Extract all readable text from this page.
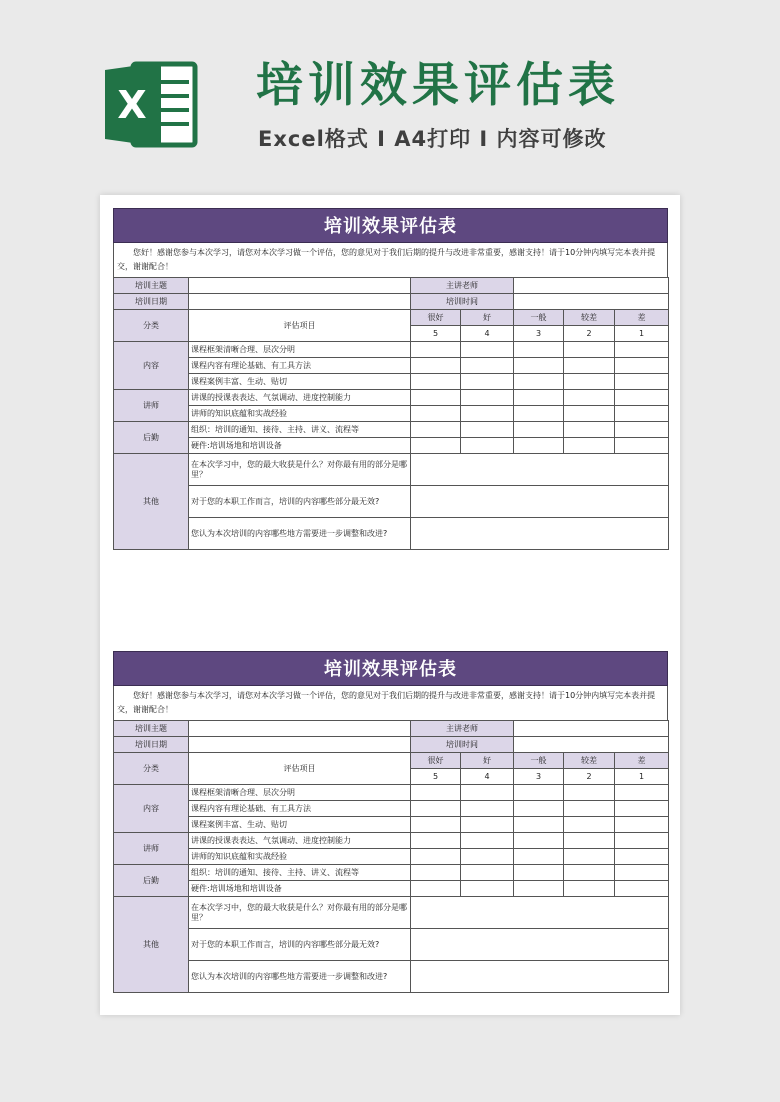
X 培训效果评估表
Excel格式 I A4打印 I 内容可修改
培训效果评估表
您好！感谢您参与本次学习，请您对本次学习做一个评估，您的意见对于我们后期的提升与改进非常重要，感谢支持！请于10分钟内填写完本表并提交，谢谢配合！
培训主题		主讲老师				
培训日期		培训时间				
分类	评估项目	很好	好	一般	较差	差
		5	4	3	2	1
内容	课程框架清晰合理、层次分明					
	课程内容有理论基础、有工具方法					
	课程案例丰富、生动、贴切					
讲师	讲课的授课表表达、气氛调动、进度控制能力					
	讲师的知识底蕴和实战经验					
后勤	组织：培训的通知、接待、主持、讲义、流程等					
	硬件:培训场地和培训设备					
其他	在本次学习中，您的最大收获是什么？对你最有用的部分是哪里？					
	对于您的本职工作而言，培训的内容哪些部分最无效?					
	您认为本次培训的内容哪些地方需要进一步调整和改进?					
培训效果评估表
您好！感谢您参与本次学习，请您对本次学习做一个评估，您的意见对于我们后期的提升与改进非常重要，感谢支持！请于10分钟内填写完本表并提交，谢谢配合！
培训主题		主讲老师				
培训日期		培训时间				
分类	评估项目	很好	好	一般	较差	差
		5	4	3	2	1
内容	课程框架清晰合理、层次分明					
	课程内容有理论基础、有工具方法					
	课程案例丰富、生动、贴切					
讲师	讲课的授课表表达、气氛调动、进度控制能力					
	讲师的知识底蕴和实战经验					
后勤	组织：培训的通知、接待、主持、讲义、流程等					
	硬件:培训场地和培训设备					
其他	在本次学习中，您的最大收获是什么？对你最有用的部分是哪里？					
	对于您的本职工作而言，培训的内容哪些部分最无效?					
	您认为本次培训的内容哪些地方需要进一步调整和改进?					
